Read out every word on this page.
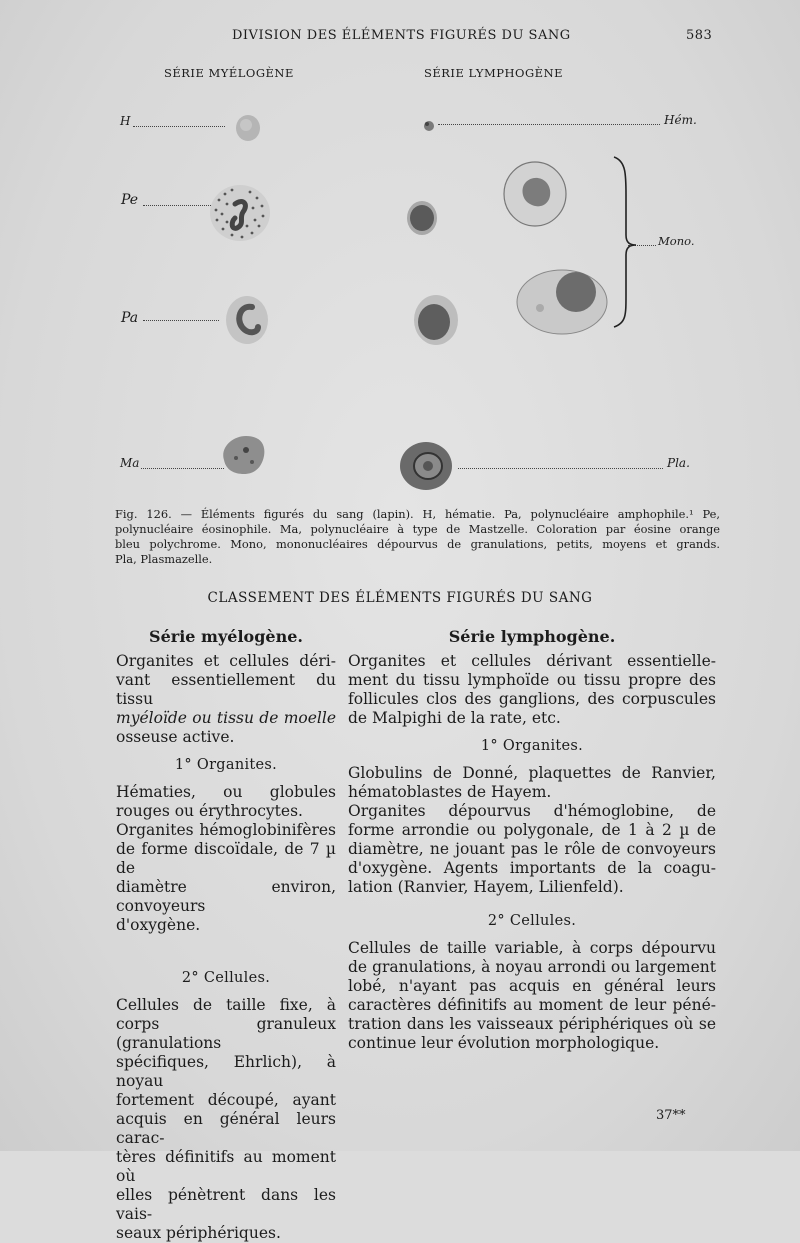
DIVISION DES ÉLÉMENTS FIGURÉS DU SANG	583
SÉRIE MYÉLOGÈNE	SÉRIE LYMPHOGÈNE
H
Pe
Pa
Ma
Hém.
Mono.
Pla.

Fig. 126. — Éléments figurés du sang (lapin). H, hématie. Pa, polynucléaire amphophile.¹ Pe,

polynucléaire éosinophile. Ma, polynucléaire à type de Mastzelle. Coloration par éosine orange

bleu polychrome. Mono, mononucléaires dépourvus de granulations, petits, moyens et grands.

Pla, Plasmazelle.

CLASSEMENT DES ÉLÉMENTS FIGURÉS DU SANG

Série myélogène.

Organites et cellules déri-

vant essentiellement du tissu

myéloïde ou tissu de moelle

osseuse active.

1° Organites.

Hématies, ou globules

rouges ou érythrocytes.

Organites hémoglobinifères

de forme discoïdale, de 7 µ de

diamètre environ, convoyeurs

d'oxygène.

2° Cellules.

Cellules de taille fixe, à

corps granuleux (granulations

spécifiques, Ehrlich), à noyau

fortement découpé, ayant

acquis en général leurs carac-

tères définitifs au moment où

elles pénètrent dans les vais-

seaux périphériques.

Série lymphogène.

Organites et cellules dérivant essentielle-

ment du tissu lymphoïde ou tissu propre des

follicules clos des ganglions, des corpuscules

de Malpighi de la rate, etc.

1° Organites.

Globulins de Donné, plaquettes de Ranvier,

hématoblastes de Hayem.

Organites dépourvus d'hémoglobine, de

forme arrondie ou polygonale, de 1 à 2 µ de

diamètre, ne jouant pas le rôle de convoyeurs

d'oxygène. Agents importants de la coagu-

lation (Ranvier, Hayem, Lilienfeld).

2° Cellules.

Cellules de taille variable, à corps dépourvu

de granulations, à noyau arrondi ou largement

lobé, n'ayant pas acquis en général leurs

caractères définitifs au moment de leur péné-

tration dans les vaisseaux périphériques où se

continue leur évolution morphologique.

37**
